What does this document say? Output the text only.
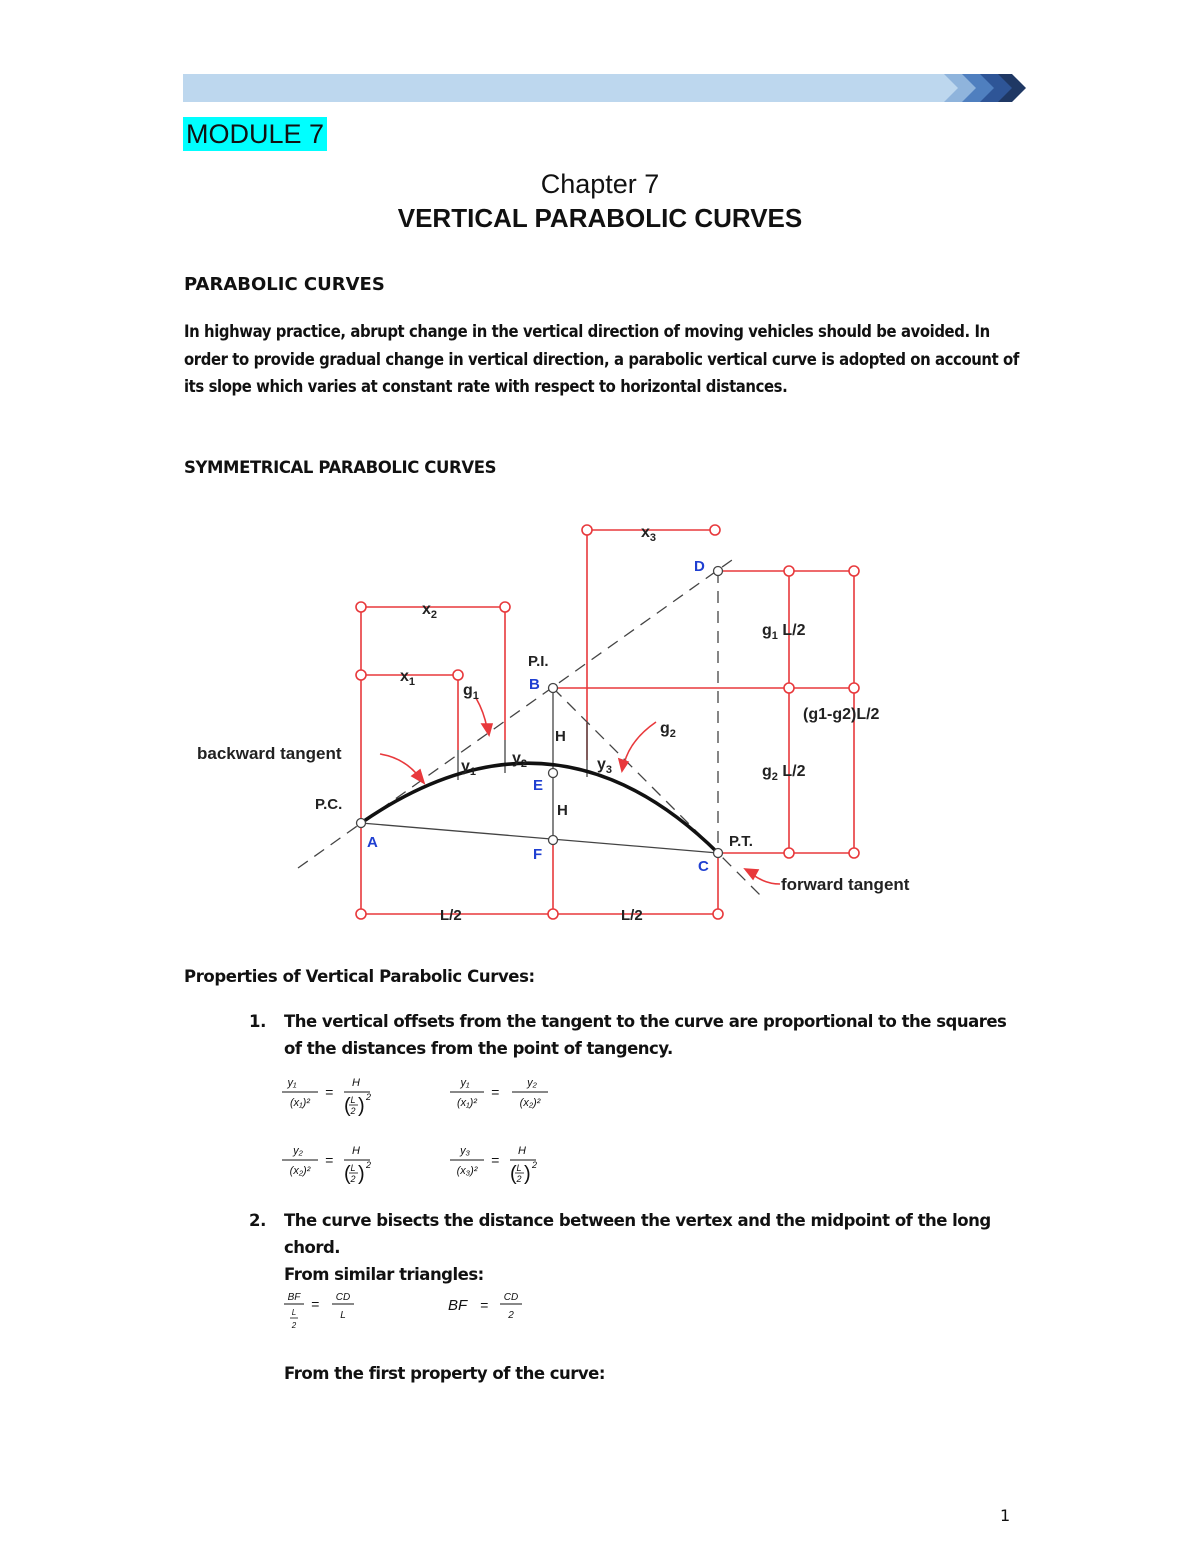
MODULE 7
Chapter 7
VERTICAL PARABOLIC CURVES
PARABOLIC CURVES
In highway practice, abrupt change in the vertical direction of moving vehicles should be avoided. In order to provide gradual change in vertical direction, a parabolic vertical curve is adopted on account of its slope which varies at constant rate with respect to horizontal distances.
SYMMETRICAL PARABOLIC CURVES
$x_2$
$x_1$
$x_3$
$g_1$
$g_2$
$y_1$
$y_2$	$y_3$
P.I.
H
H
backward tangent
P.C.
P.T.
forward tangent
L/2	L/2
$g_1$ L/2
(g1-g2)L/2
$g_2$ L/2
D
B
E
F
A
C
Properties of Vertical Parabolic Curves:
1. The vertical offsets from the tangent to the curve are proportional to the squares of the distances from the point of tangency.
y₁
(x₁)²
=
H
L
2
( ) 2
y₁
(x₁)²
=
y₂
(x₂)²
y₂
(x₂)²
=
H
L
2
( ) 2
y₃
(x₃)²
=
H
L
2
( ) 2
2. The curve bisects the distance between the vertex and the midpoint of the long chord.
From similar triangles:
BF
L
2
= CD
L
BF = CD
2
From the first property of the curve:
1
